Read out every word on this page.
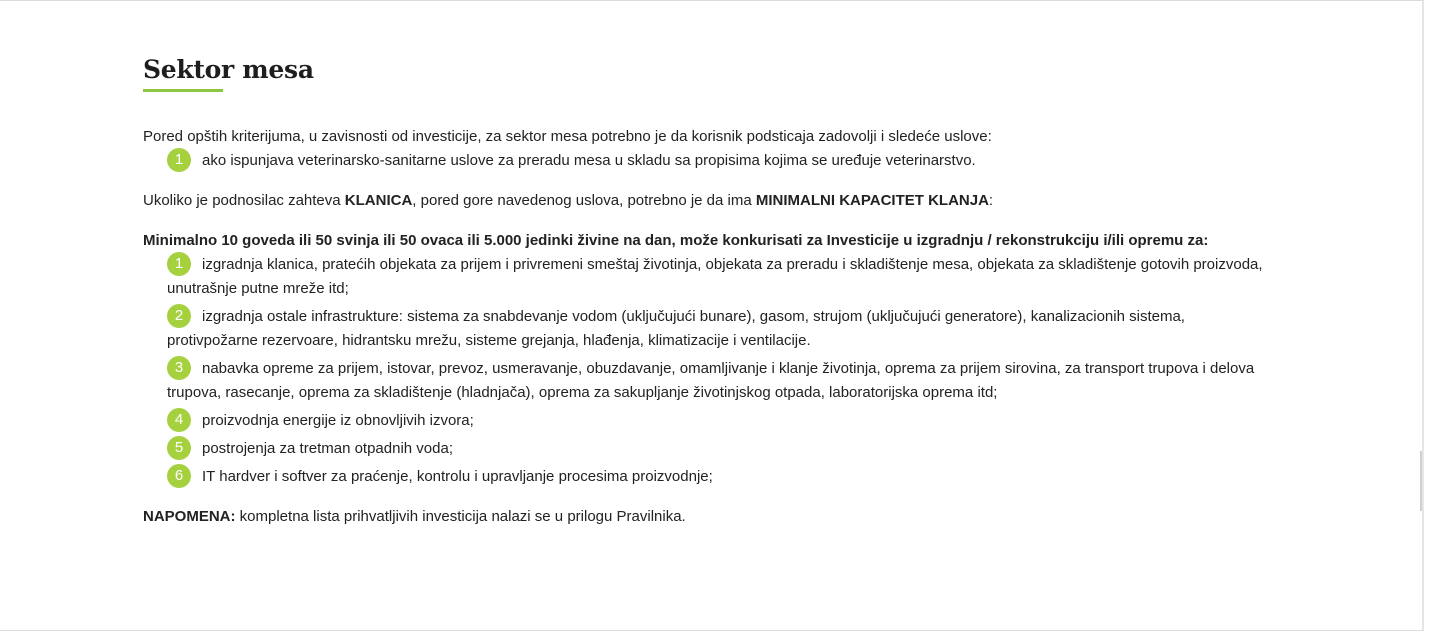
Sektor mesa

Pored opštih kriterijuma, u zavisnosti od investicije, za sektor mesa potrebno je da korisnik podsticaja zadovolji i sledeće uslove:

1 ako ispunjava veterinarsko-sanitarne uslove za preradu mesa u skladu sa propisima kojima se uređuje veterinarstvo.

Ukoliko je podnosilac zahteva KLANICA, pored gore navedenog uslova, potrebno je da ima MINIMALNI KAPACITET KLANJA:

Minimalno 10 goveda ili 50 svinja ili 50 ovaca ili 5.000 jedinki živine na dan, može konkurisati za Investicije u izgradnju / rekonstrukciju i/ili opremu za:

1 izgradnja klanica, pratećih objekata za prijem i privremeni smeštaj životinja, objekata za preradu i skladištenje mesa, objekata za skladištenje gotovih proizvoda, unutrašnje putne mreže itd;
2 izgradnja ostale infrastrukture: sistema za snabdevanje vodom (uključujući bunare), gasom, strujom (uključujući generatore), kanalizacionih sistema, protivpožarne rezervoare, hidrantsku mrežu, sisteme grejanja, hlađenja, klimatizacije i ventilacije.
3 nabavka opreme za prijem, istovar, prevoz, usmeravanje, obuzdavanje, omamljivanje i klanje životinja, oprema za prijem sirovina, za transport trupova i delova trupova, rasecanje, oprema za skladištenje (hladnjača), oprema za sakupljanje životinjskog otpada, laboratorijska oprema itd;
4 proizvodnja energije iz obnovljivih izvora;
5 postrojenja za tretman otpadnih voda;
6 IT hardver i softver za praćenje, kontrolu i upravljanje procesima proizvodnje;

NAPOMENA: kompletna lista prihvatljivih investicija nalazi se u prilogu Pravilnika.
